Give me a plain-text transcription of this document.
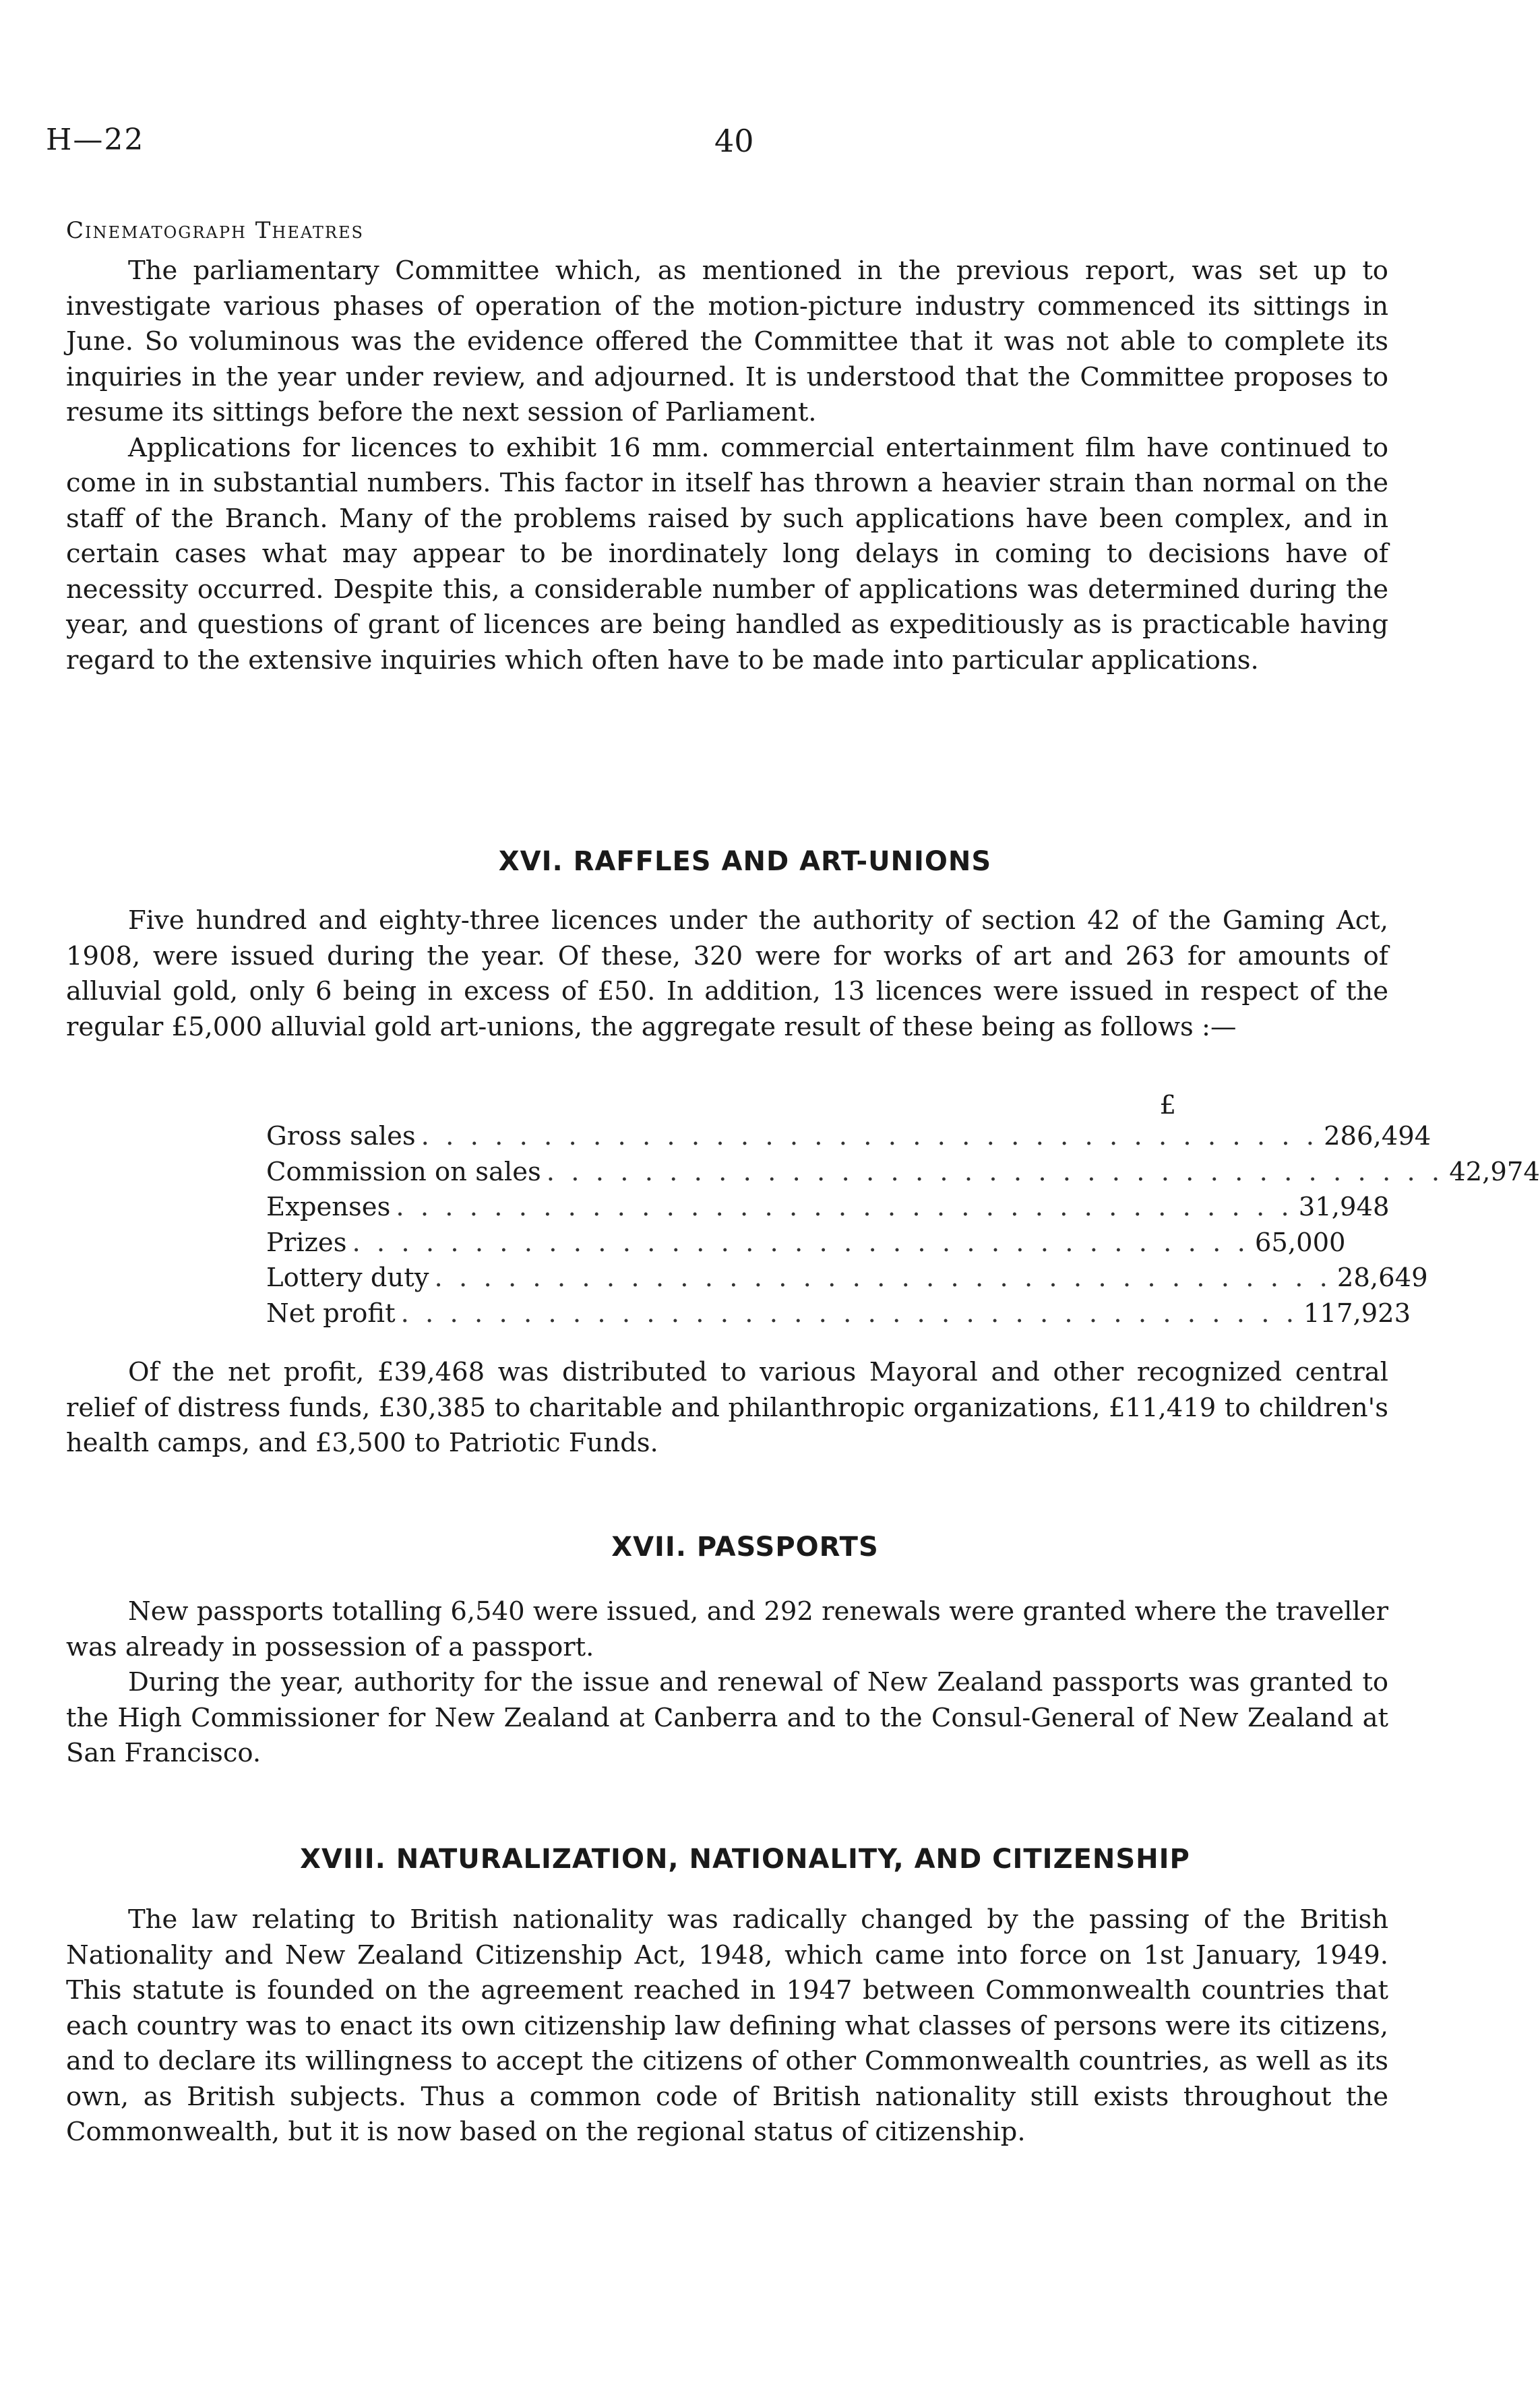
H—22	40
Cinematograph Theatres

The parliamentary Committee which, as mentioned in the previous report, was set up to investigate various phases of operation of the motion-picture industry commenced its sittings in June. So voluminous was the evidence offered the Committee that it was not able to complete its inquiries in the year under review, and adjourned. It is understood that the Committee proposes to resume its sittings before the next session of Parliament.

Applications for licences to exhibit 16 mm. commercial entertainment film have continued to come in in substantial numbers. This factor in itself has thrown a heavier strain than normal on the staff of the Branch. Many of the problems raised by such applications have been complex, and in certain cases what may appear to be inordinately long delays in coming to decisions have of necessity occurred. Despite this, a considerable number of applications was determined during the year, and questions of grant of licences are being handled as expeditiously as is practicable having regard to the extensive inquiries which often have to be made into particular applications.

XVI. RAFFLES AND ART-UNIONS

Five hundred and eighty-three licences under the authority of section 42 of the Gaming Act, 1908, were issued during the year. Of these, 320 were for works of art and 263 for amounts of alluvial gold, only 6 being in excess of £50. In addition, 13 licences were issued in respect of the regular £5,000 alluvial gold art-unions, the aggregate result of these being as follows :—

£
Gross sales . . . . . . . . . . . . . . . . . . . . . . . . . . . . . . . . . . . . . 286,494
Commission on sales . . . . . . . . . . . . . . . . . . . . . . . . . . . . . . . . . . . . . 42,974
Expenses . . . . . . . . . . . . . . . . . . . . . . . . . . . . . . . . . . . . . 31,948
Prizes . . . . . . . . . . . . . . . . . . . . . . . . . . . . . . . . . . . . . 65,000
Lottery duty . . . . . . . . . . . . . . . . . . . . . . . . . . . . . . . . . . . . . 28,649
Net profit . . . . . . . . . . . . . . . . . . . . . . . . . . . . . . . . . . . . . 117,923

Of the net profit, £39,468 was distributed to various Mayoral and other recognized central relief of distress funds, £30,385 to charitable and philanthropic organizations, £11,419 to children's health camps, and £3,500 to Patriotic Funds.

XVII. PASSPORTS

New passports totalling 6,540 were issued, and 292 renewals were granted where the traveller was already in possession of a passport.

During the year, authority for the issue and renewal of New Zealand passports was granted to the High Commissioner for New Zealand at Canberra and to the Consul-General of New Zealand at San Francisco.

XVIII. NATURALIZATION, NATIONALITY, AND CITIZENSHIP

The law relating to British nationality was radically changed by the passing of the British Nationality and New Zealand Citizenship Act, 1948, which came into force on 1st January, 1949. This statute is founded on the agreement reached in 1947 between Commonwealth countries that each country was to enact its own citizenship law defining what classes of persons were its citizens, and to declare its willingness to accept the citizens of other Commonwealth countries, as well as its own, as British subjects. Thus a common code of British nationality still exists throughout the Commonwealth, but it is now based on the regional status of citizenship.
